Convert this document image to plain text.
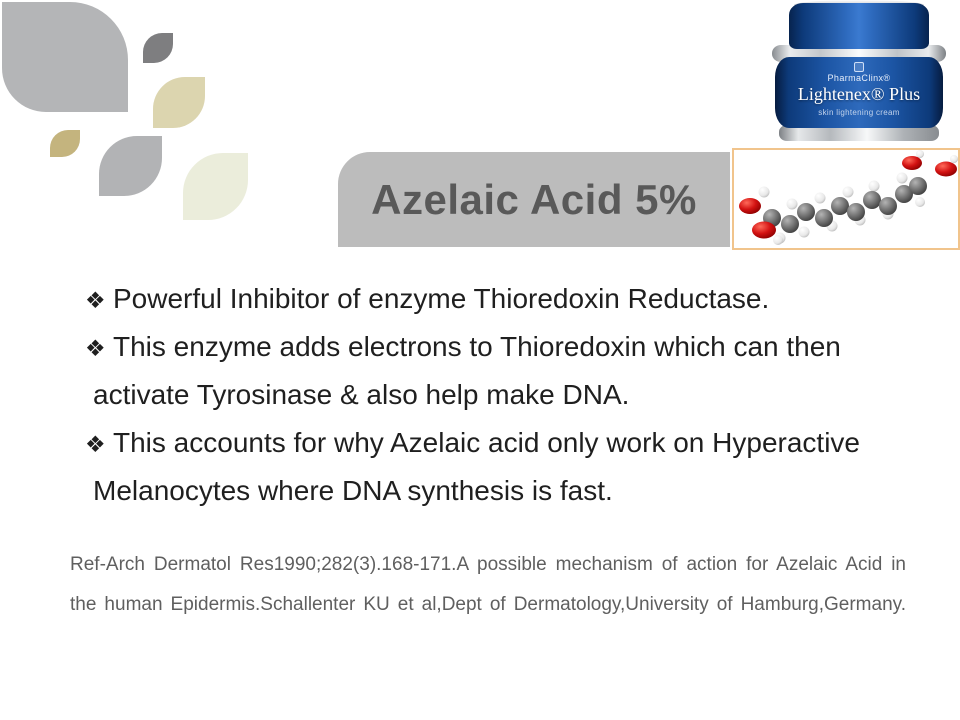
PharmaClinx®
Lightenex® Plus
skin lightening cream
Azelaic Acid 5%
❖ Powerful Inhibitor of enzyme Thioredoxin Reductase.
❖ This enzyme adds electrons to Thioredoxin which can then
activate Tyrosinase & also help make DNA.
❖ This accounts for why Azelaic acid only work on Hyperactive
Melanocytes where DNA synthesis is fast.
Ref-Arch Dermatol Res1990;282(3).168-171.A possible mechanism of action for Azelaic Acid in
the human Epidermis.Schallenter KU et al,Dept of Dermatology,University of Hamburg,Germany.
